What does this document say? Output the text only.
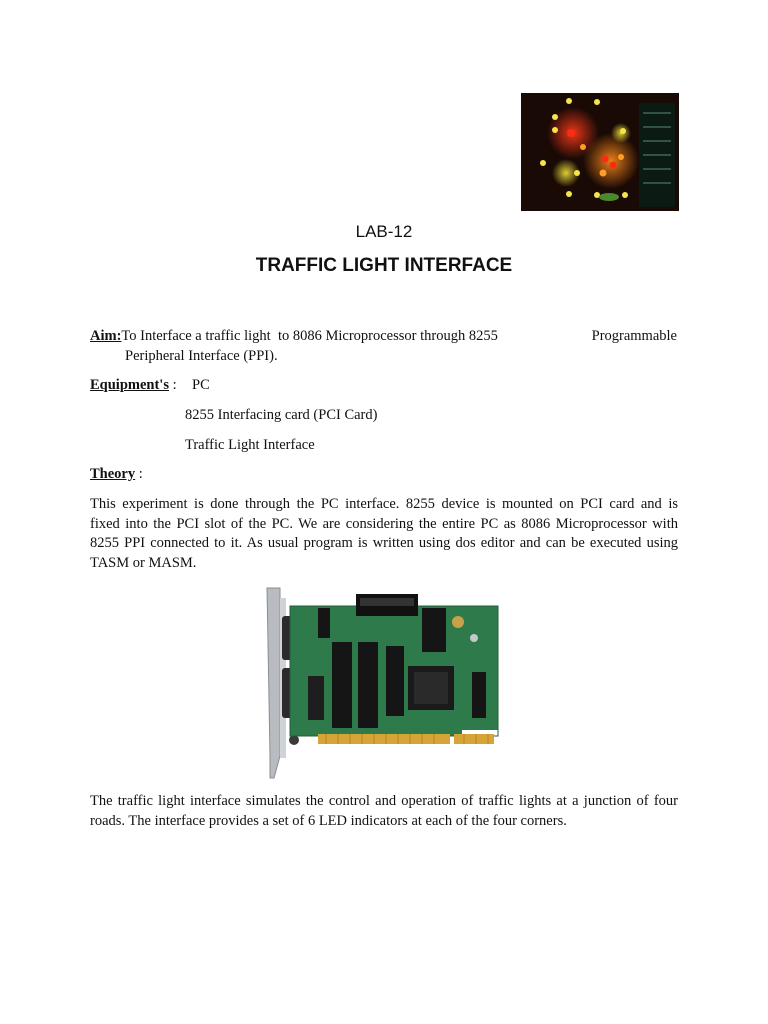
LAB-12
TRAFFIC LIGHT INTERFACE
Aim:To Interface a traffic light  to 8086 Microprocessor through 8255	Programmable
Peripheral Interface (PPI).
Equipment's : PC
8255 Interfacing card (PCI Card)
Traffic Light Interface
Theory :
This experiment is done through the PC interface. 8255 device is mounted on PCI card and is
fixed into the PCI slot of the PC. We are considering the entire PC as 8086 Microprocessor with
8255 PPI connected to it. As usual program is written using dos editor and can be executed using
TASM or MASM.
The traffic light interface simulates the control and operation of traffic lights at a junction of four
roads. The interface provides a set of 6 LED indicators at each of the four corners.
